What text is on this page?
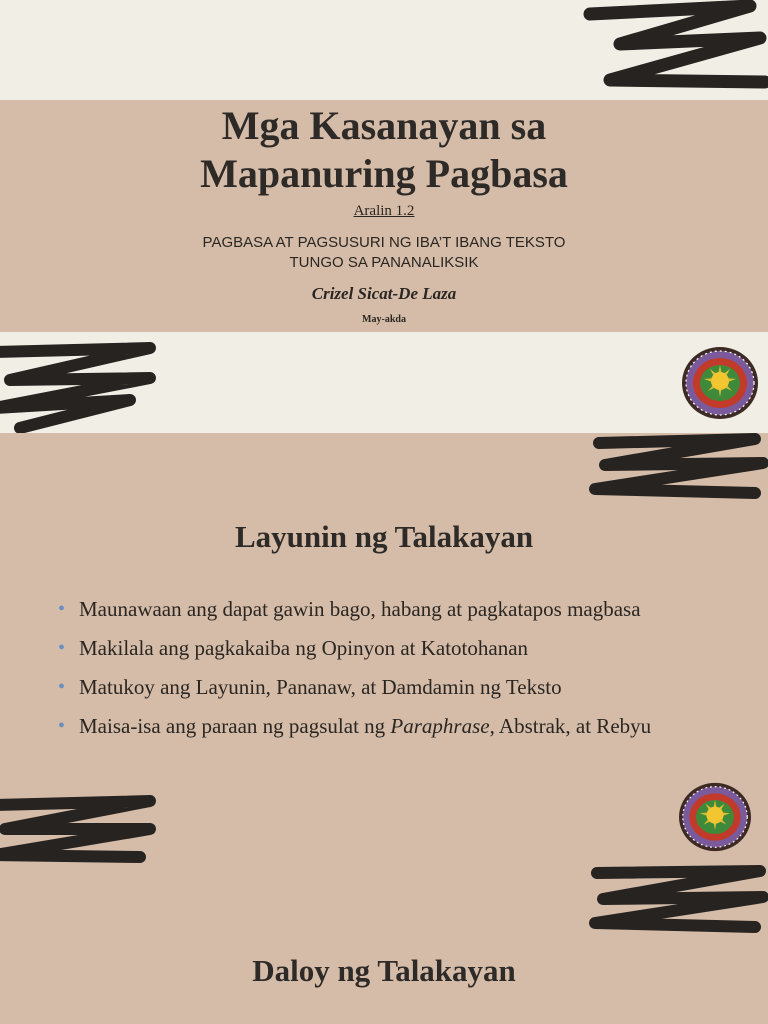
Mga Kasanayan sa
Mapanuring Pagbasa
Aralin 1.2
PAGBASA AT PAGSUSURI NG IBA’T IBANG TEKSTO
TUNGO SA PANANALIKSIK
Crizel Sicat-De Laza
May-akda
Layunin ng Talakayan
• Maunawaan ang dapat gawin bago, habang at pagkatapos magbasa
• Makilala ang pagkakaiba ng Opinyon at Katotohanan
• Matukoy ang Layunin, Pananaw, at Damdamin ng Teksto
• Maisa-isa ang paraan ng pagsulat ng Paraphrase, Abstrak, at Rebyu
Daloy ng Talakayan
